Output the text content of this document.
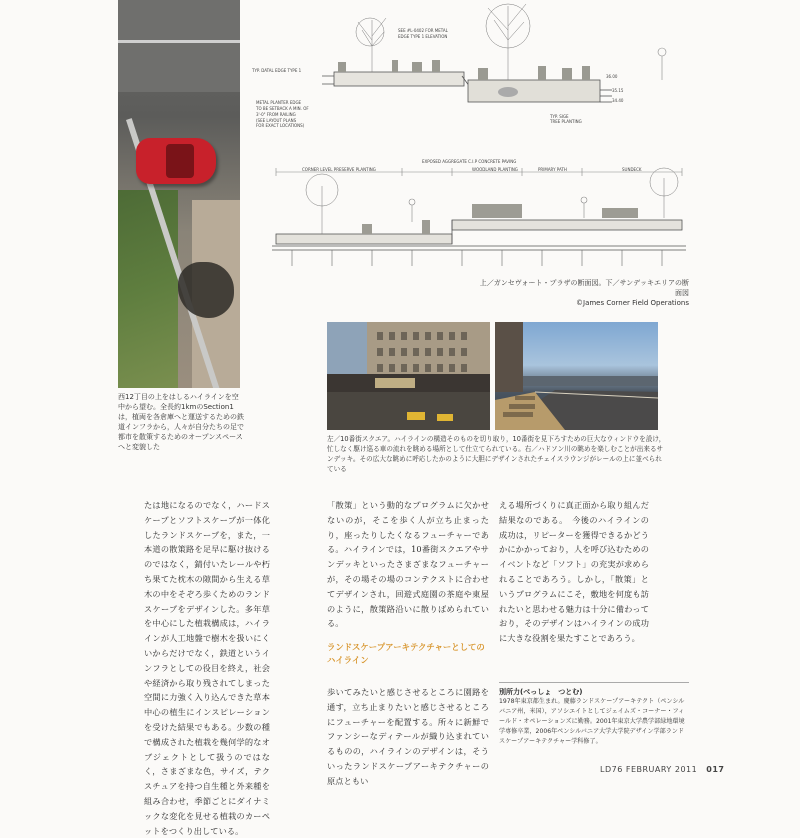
SEE #L-0402 FOR METAL
EDGE TYPE 1 ELEVATION
TYP. DATAL EDGE TYPE 1
METAL PLANTER EDGE
TO BE SETBACK A MIN. OF
3'-0" FROM RAILING
(SEE LAYOUT PLANS
FOR EXACT LOCATIONS)
TYP. SIGE
TREE PLANTING
36.00
35.15
34.40
EXPOSED AGGREGATE C.I.P CONCRETE PAVING
CORNER LEVEL PRESERVE PLANTING	WOODLAND PLANTING	PRIMARY PATH	SUNDECK
上／ガンセヴォート・プラザの断面図。下／サンデッキエリアの断面図
©James Corner Field Operations
西12丁目の上をはしるハイラインを空中から望む。全長約1kmのSection1は，植両を各倉庫へと運送するための鉄道インフラから，人々が自分たちの足で都市を散策するためのオープンスペースへと変貌した
左／10番街スクエア。ハイラインの構造そのものを切り取り，10番街を見下ろすための巨大なウィンドウを設け，忙しなく駆け巡る車の流れを眺める場所として仕立てられている。右／ハドソン川の眺めを楽しむことが出来るサンデッキ。その広大な眺めに呼応したかのように大胆にデザインされたチェイスラウンジがレールの上に並べられている
たは地になるのでなく，ハードスケープとソフトスケープが一体化したランドスケープを，また，一本道の散策路を足早に駆け抜けるのではなく，錆付いたレールや朽ち果てた枕木の隙間から生える草木の中をそぞろ歩くためのランドスケープをデザインした。多年草を中心にした植栽構成は，ハイラインが人工地盤で樹木を扱いにくいからだけでなく，鉄道というインフラとしての役目を終え，社会や経済から取り残されてしまった空間に力強く入り込んできた草本中心の植生にインスピレーションを受けた結果でもある。少数の種で構成された植栽を幾何学的なオブジェクトとして扱うのではなく，さまざまな色，サイズ，テクスチュアを持つ自生種と外来種を組み合わせ，季節ごとにダイナミックな変化を見せる植栽のカーペットをつくり出している。
「散策」という動的なプログラムに欠かせないのが，そこを歩く人が立ち止まったり，座ったりしたくなるフューチャーである。ハイラインでは，10番街スクエアやサンデッキといったさまざまなフューチャーが，その場その場のコンテクストに合わせてデザインされ，回遊式庭園の茶庭や東屋のように，散策路沿いに散りばめられている。
ランドスケープアーキテクチャーとしてのハイライン
歩いてみたいと感じさせるところに園路を通す，立ち止まりたいと感じさせるところにフューチャーを配置する。所々に新鮮でファンシーなディテールが織り込まれているものの，ハイラインのデザインは，そういったランドスケープアーキテクチャーの原点ともい
える場所づくりに真正面から取り組んだ結果なのである。　今後のハイラインの成功は，リピーターを獲得できるかどうかにかかっており，人を呼び込むためのイベントなど「ソフト」の充実が求められることであろう。しかし，「散策」というプログラムにこそ，敷地を何度も訪れたいと思わせる魅力は十分に備わっており，そのデザインはハイラインの成功に大きな役割を果たすことであろう。
別所力(べっしょ　つとむ)
1978年東京都生まれ。慶藤ランドスケープアーキテクト（ペンシルバニア州，米国），アソシエイトとしてジェイムズ・コーナー・フィールド・オペレーションズに勤務。2001年東京大学農学部緑地環境学専修卒業，2006年ペンシルバニア大学大学院デザイン学部ランドスケープアーキテクチャー学科修了。
LD76 FEBRUARY 2011 017
